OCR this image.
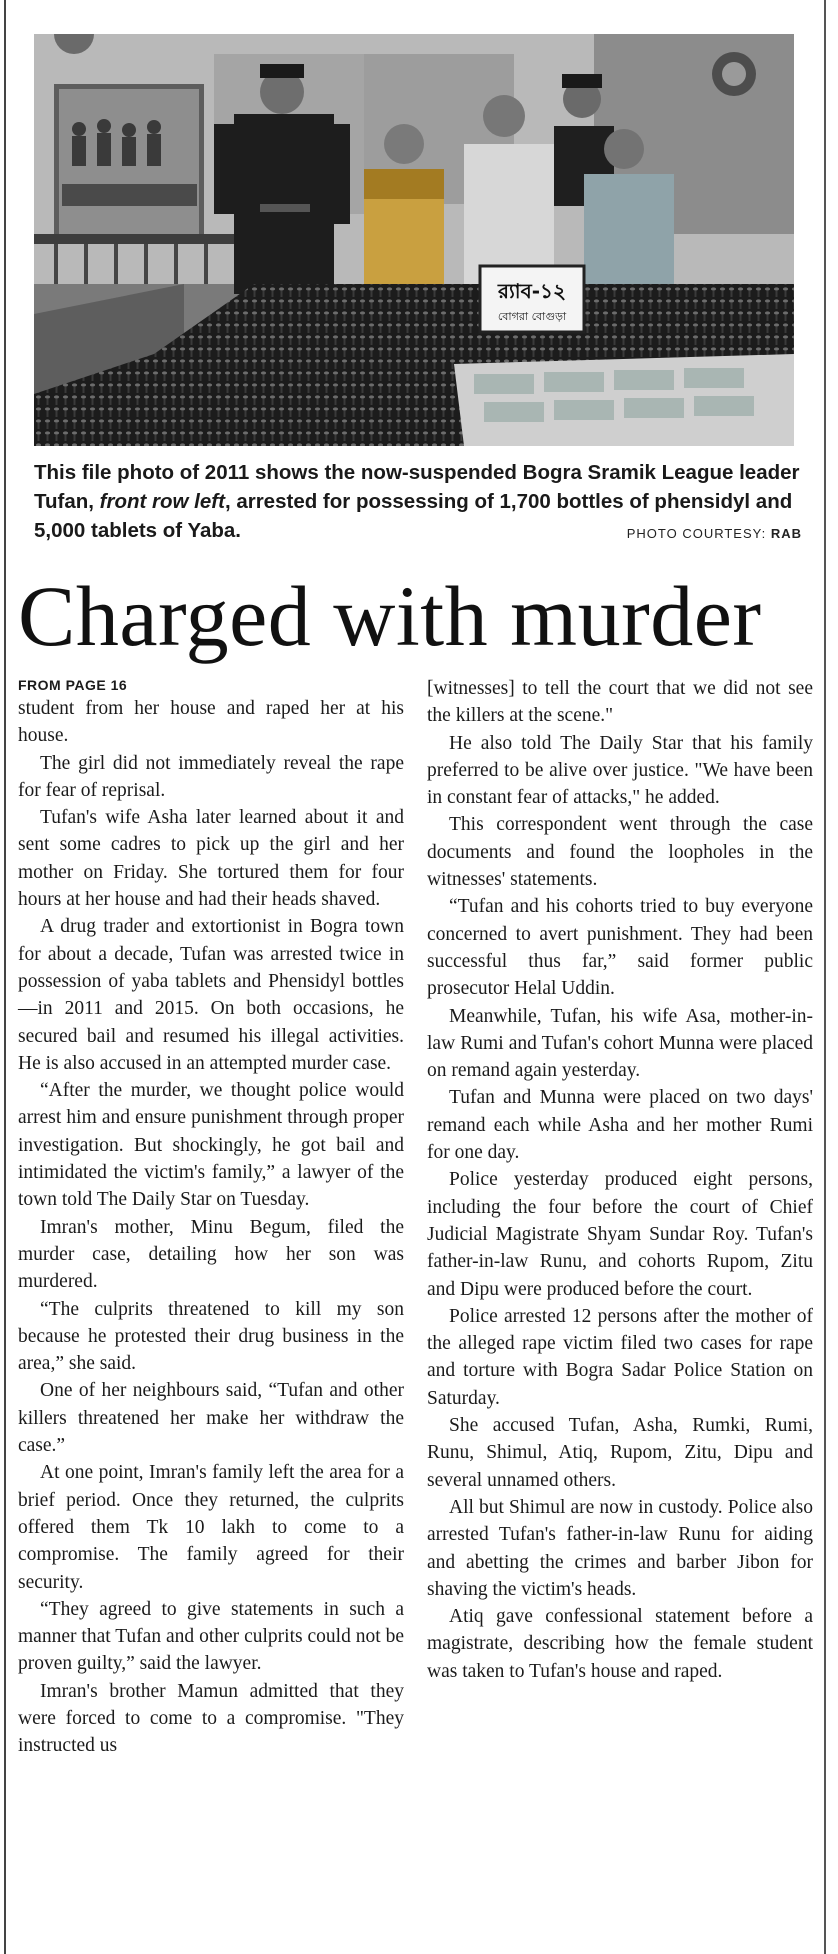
র‍্যাব-১২
বোগরা বোগুড়া
This file photo of 2011 shows the now-suspended Bogra Sramik League leader Tufan, front row left, arrested for possessing of 1,700 bottles of phensidyl and 5,000 tablets of Yaba.	PHOTO COURTESY: RAB
Charged with murder
FROM PAGE 16

student from her house and raped her at his house.

The girl did not immediately reveal the rape for fear of reprisal.

Tufan's wife Asha later learned about it and sent some cadres to pick up the girl and her mother on Friday. She tortured them for four hours at her house and had their heads shaved.

A drug trader and extortionist in Bogra town for about a decade, Tufan was arrested twice in possession of yaba tablets and Phensidyl bottles—in 2011 and 2015. On both occasions, he secured bail and resumed his illegal activities. He is also accused in an attempted murder case.

“After the murder, we thought police would arrest him and ensure punishment through proper investigation. But shockingly, he got bail and intimidated the victim's family,” a lawyer of the town told The Daily Star on Tuesday.

Imran's mother, Minu Begum, filed the murder case, detailing how her son was murdered.

“The culprits threatened to kill my son because he protested their drug business in the area,” she said.

One of her neighbours said, “Tufan and other killers threatened her make her withdraw the case.”

At one point, Imran's family left the area for a brief period. Once they returned, the culprits offered them Tk 10 lakh to come to a compromise. The family agreed for their security.

“They agreed to give statements in such a manner that Tufan and other culprits could not be proven guilty,” said the lawyer.

Imran's brother Mamun admitted that they were forced to come to a compromise. "They instructed us

[witnesses] to tell the court that we did not see the killers at the scene."

He also told The Daily Star that his family preferred to be alive over justice. "We have been in constant fear of attacks," he added.

This correspondent went through the case documents and found the loopholes in the witnesses' statements.

“Tufan and his cohorts tried to buy everyone concerned to avert punishment. They had been successful thus far,” said former public prosecutor Helal Uddin.

Meanwhile, Tufan, his wife Asa, mother-in-law Rumi and Tufan's cohort Munna were placed on remand again yesterday.

Tufan and Munna were placed on two days' remand each while Asha and her mother Rumi for one day.

Police yesterday produced eight persons, including the four before the court of Chief Judicial Magistrate Shyam Sundar Roy. Tufan's father-in-law Runu, and cohorts Rupom, Zitu and Dipu were produced before the court.

Police arrested 12 persons after the mother of the alleged rape victim filed two cases for rape and torture with Bogra Sadar Police Station on Saturday.

She accused Tufan, Asha, Rumki, Rumi, Runu, Shimul, Atiq, Rupom, Zitu, Dipu and several unnamed others.

All but Shimul are now in custody. Police also arrested Tufan's father-in-law Runu for aiding and abetting the crimes and barber Jibon for shaving the victim's heads.

Atiq gave confessional statement before a magistrate, describing how the female student was taken to Tufan's house and raped.
